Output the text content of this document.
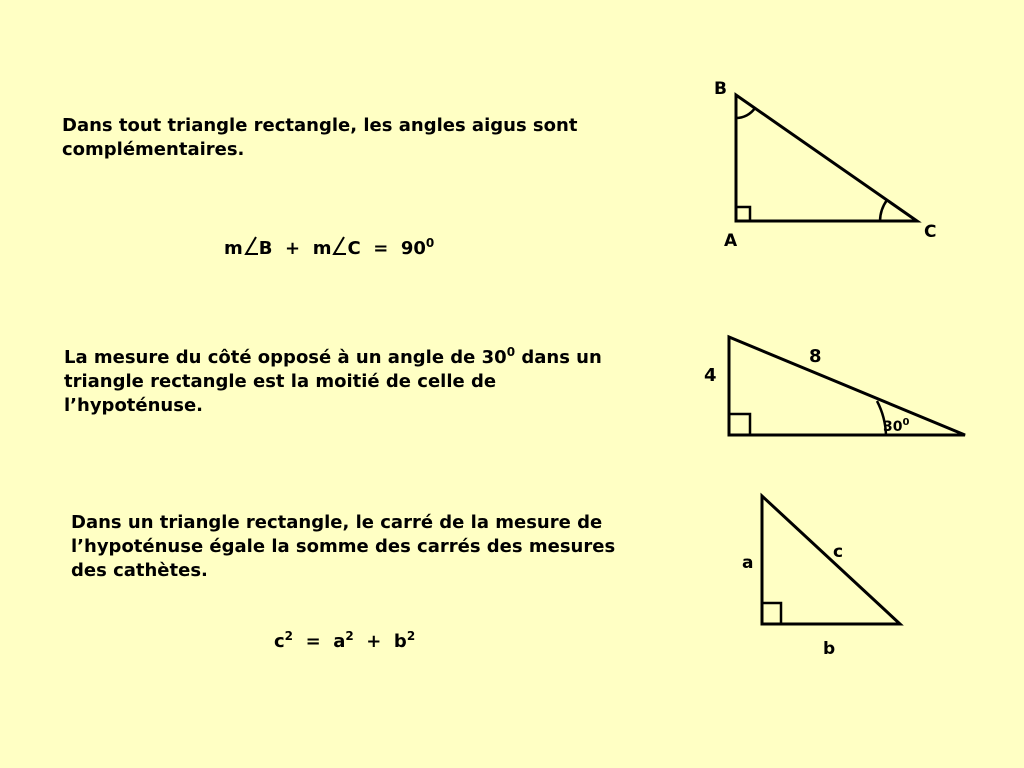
Dans tout triangle rectangle, les angles aigus sont
complémentaires.

m B + m $C = 90^0$

La mesure du côté opposé à un angle de $30^0$ dans un
triangle rectangle est la moitié de celle de
l’hypoténuse.
Dans un triangle rectangle, le carré de la mesure de
l’hypoténuse égale la somme des carrés des mesures
des cathètes.

$c^2 = a^2 + b^2$

B
A	C
4
8
$30^0$
a
c
b
